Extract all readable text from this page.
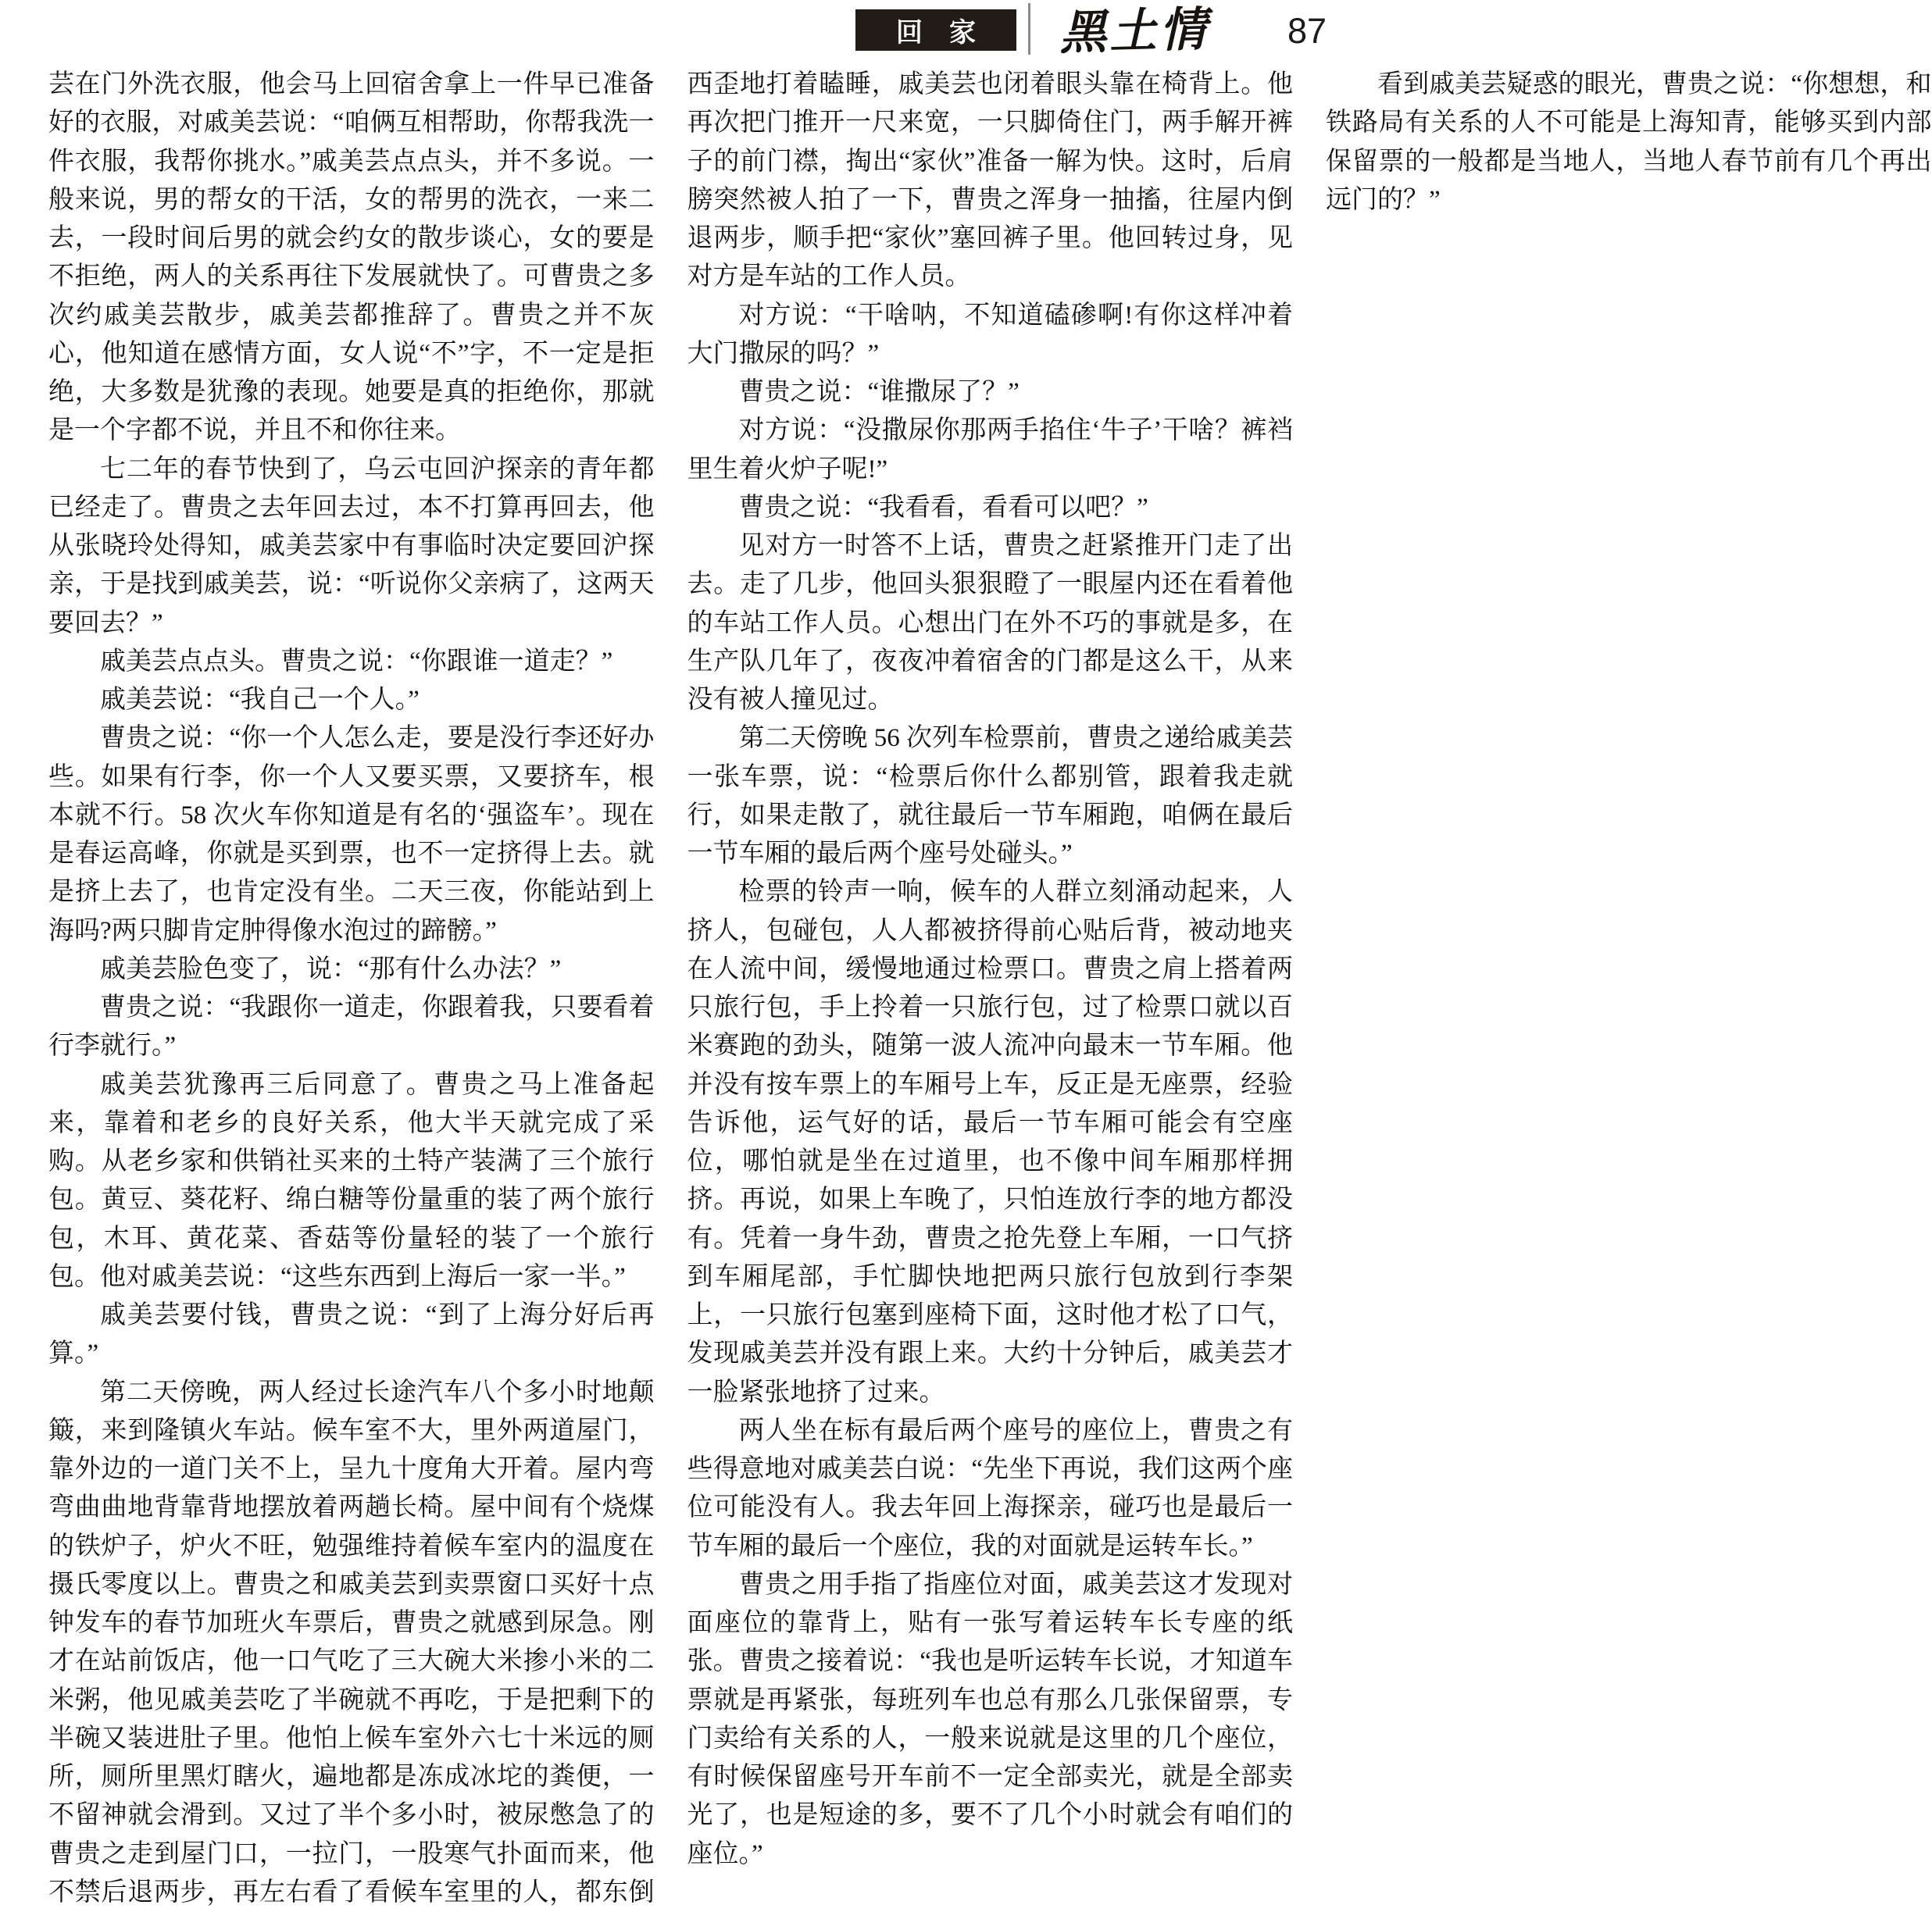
回　家 黑土情	87

芸在门外洗衣服，他会马上回宿舍拿上一件早已准备好的衣服，对戚美芸说：“咱俩互相帮助，你帮我洗一件衣服，我帮你挑水。”戚美芸点点头，并不多说。一般来说，男的帮女的干活，女的帮男的洗衣，一来二去，一段时间后男的就会约女的散步谈心，女的要是不拒绝，两人的关系再往下发展就快了。可曹贵之多次约戚美芸散步，戚美芸都推辞了。曹贵之并不灰心，他知道在感情方面，女人说“不”字，不一定是拒绝，大多数是犹豫的表现。她要是真的拒绝你，那就是一个字都不说，并且不和你往来。

七二年的春节快到了，乌云屯回沪探亲的青年都已经走了。曹贵之去年回去过，本不打算再回去，他从张晓玲处得知，戚美芸家中有事临时决定要回沪探亲，于是找到戚美芸，说：“听说你父亲病了，这两天要回去？”

戚美芸点点头。曹贵之说：“你跟谁一道走？”

戚美芸说：“我自己一个人。”

曹贵之说：“你一个人怎么走，要是没行李还好办些。如果有行李，你一个人又要买票，又要挤车，根本就不行。58 次火车你知道是有名的‘强盗车’。现在是春运高峰，你就是买到票，也不一定挤得上去。就是挤上去了，也肯定没有坐。二天三夜，你能站到上海吗?两只脚肯定肿得像水泡过的蹄髈。”

戚美芸脸色变了，说：“那有什么办法？”

曹贵之说：“我跟你一道走，你跟着我，只要看着行李就行。”

戚美芸犹豫再三后同意了。曹贵之马上准备起来，靠着和老乡的良好关系，他大半天就完成了采购。从老乡家和供销社买来的土特产装满了三个旅行包。黄豆、葵花籽、绵白糖等份量重的装了两个旅行包，木耳、黄花菜、香菇等份量轻的装了一个旅行包。他对戚美芸说：“这些东西到上海后一家一半。”

戚美芸要付钱，曹贵之说：“到了上海分好后再算。”

第二天傍晚，两人经过长途汽车八个多小时地颠簸，来到隆镇火车站。候车室不大，里外两道屋门，靠外边的一道门关不上，呈九十度角大开着。屋内弯弯曲曲地背靠背地摆放着两趟长椅。屋中间有个烧煤的铁炉子，炉火不旺，勉强维持着候车室内的温度在摄氏零度以上。曹贵之和戚美芸到卖票窗口买好十点钟发车的春节加班火车票后，曹贵之就感到尿急。刚才在站前饭店，他一口气吃了三大碗大米掺小米的二米粥，他见戚美芸吃了半碗就不再吃，于是把剩下的半碗又装进肚子里。他怕上候车室外六七十米远的厕所，厕所里黑灯瞎火，遍地都是冻成冰坨的粪便，一不留神就会滑到。又过了半个多小时，被尿憋急了的曹贵之走到屋门口，一拉门，一股寒气扑面而来，他不禁后退两步，再左右看了看候车室里的人，都东倒西歪地打着瞌睡，戚美芸也闭着眼头靠在椅背上。他再次把门推开一尺来宽，一只脚倚住门，两手解开裤子的前门襟，掏出“家伙”准备一解为快。这时，后肩膀突然被人拍了一下，曹贵之浑身一抽搐，往屋内倒退两步，顺手把“家伙”塞回裤子里。他回转过身，见对方是车站的工作人员。

对方说：“干啥呐，不知道磕碜啊!有你这样冲着大门撒尿的吗？”

曹贵之说：“谁撒尿了？”

对方说：“没撒尿你那两手掐住‘牛子’干啥？裤裆里生着火炉子呢!”

曹贵之说：“我看看，看看可以吧？”

见对方一时答不上话，曹贵之赶紧推开门走了出去。走了几步，他回头狠狠瞪了一眼屋内还在看着他的车站工作人员。心想出门在外不巧的事就是多，在生产队几年了，夜夜冲着宿舍的门都是这么干，从来没有被人撞见过。

第二天傍晚 56 次列车检票前，曹贵之递给戚美芸一张车票，说：“检票后你什么都别管，跟着我走就行，如果走散了，就往最后一节车厢跑，咱俩在最后一节车厢的最后两个座号处碰头。”

检票的铃声一响，候车的人群立刻涌动起来，人挤人，包碰包，人人都被挤得前心贴后背，被动地夹在人流中间，缓慢地通过检票口。曹贵之肩上搭着两只旅行包，手上拎着一只旅行包，过了检票口就以百米赛跑的劲头，随第一波人流冲向最末一节车厢。他并没有按车票上的车厢号上车，反正是无座票，经验告诉他，运气好的话，最后一节车厢可能会有空座位，哪怕就是坐在过道里，也不像中间车厢那样拥挤。再说，如果上车晚了，只怕连放行李的地方都没有。凭着一身牛劲，曹贵之抢先登上车厢，一口气挤到车厢尾部，手忙脚快地把两只旅行包放到行李架上，一只旅行包塞到座椅下面，这时他才松了口气，发现戚美芸并没有跟上来。大约十分钟后，戚美芸才一脸紧张地挤了过来。

两人坐在标有最后两个座号的座位上，曹贵之有些得意地对戚美芸白说：“先坐下再说，我们这两个座位可能没有人。我去年回上海探亲，碰巧也是最后一节车厢的最后一个座位，我的对面就是运转车长。”

曹贵之用手指了指座位对面，戚美芸这才发现对面座位的靠背上，贴有一张写着运转车长专座的纸张。曹贵之接着说：“我也是听运转车长说，才知道车票就是再紧张，每班列车也总有那么几张保留票，专门卖给有关系的人，一般来说就是这里的几个座位，有时候保留座号开车前不一定全部卖光，就是全部卖光了，也是短途的多，要不了几个小时就会有咱们的座位。”

看到戚美芸疑惑的眼光，曹贵之说：“你想想，和铁路局有关系的人不可能是上海知青，能够买到内部保留票的一般都是当地人，当地人春节前有几个再出远门的？”
